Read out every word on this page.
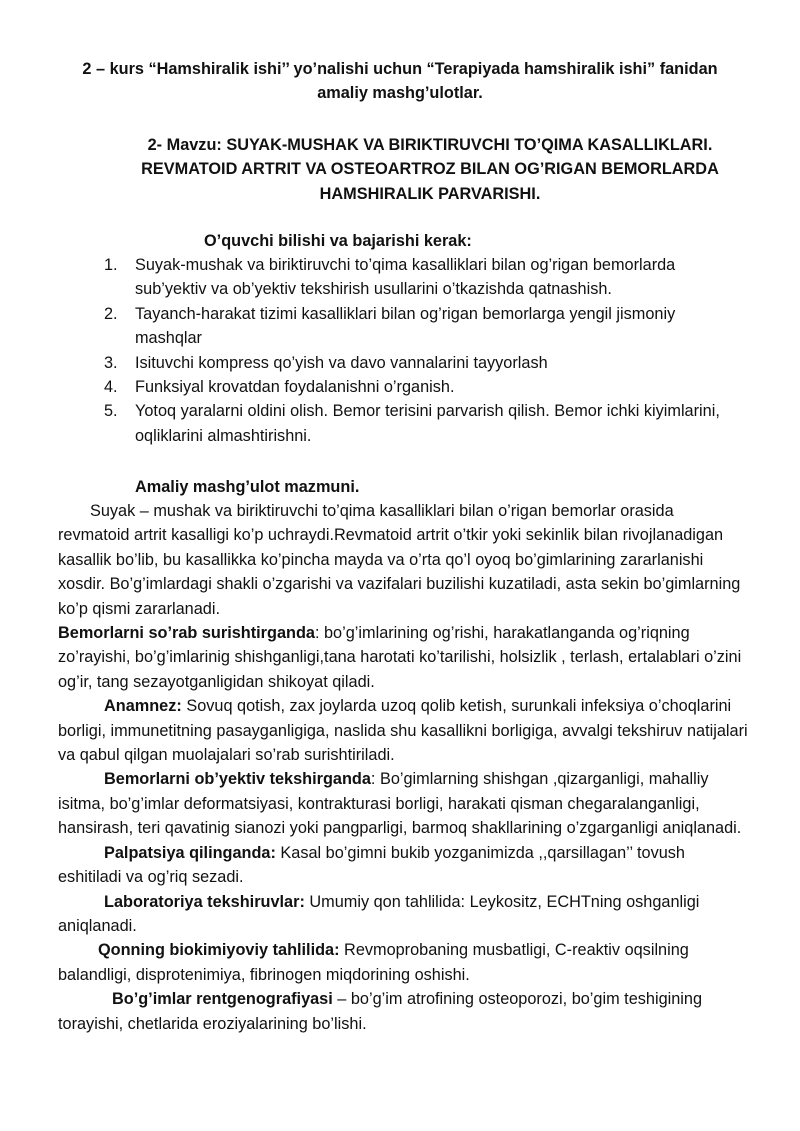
2 – kurs “Hamshiralik ishi’’ yo’nalishi uchun “Terapiyada hamshiralik ishi” fanidan amaliy mashg’ulotlar.
2- Mavzu: SUYAK-MUSHAK VA BIRIKTIRUVCHI TO’QIMA KASALLIKLARI. REVMATOID ARTRIT VA OSTEOARTROZ BILAN OG’RIGAN BEMORLARDA HAMSHIRALIK PARVARISHI.
O’quvchi bilishi va bajarishi kerak:
1. Suyak-mushak va biriktiruvchi to’qima kasalliklari bilan og’rigan bemorlarda sub’yektiv va ob’yektiv tekshirish usullarini o’tkazishda qatnashish.
2. Tayanch-harakat tizimi kasalliklari bilan og’rigan bemorlarga yengil jismoniy mashqlar
3. Isituvchi kompress qo’yish va davo vannalarini tayyorlash
4. Funksiyal krovatdan foydalanishni o’rganish.
5. Yotoq yaralarni oldini olish. Bemor terisini parvarish qilish. Bemor ichki kiyimlarini, oqliklarini almashtirishni.
Amaliy mashg’ulot mazmuni.

Suyak – mushak va biriktiruvchi to’qima kasalliklari bilan o’rigan bemorlar orasida revmatoid artrit kasalligi ko’p uchraydi.Revmatoid artrit o’tkir yoki sekinlik bilan rivojlanadigan kasallik bo’lib, bu kasallikka ko’pincha mayda va o’rta qo’l oyoq bo’gimlarining zararlanishi xosdir. Bo’g’imlardagi shakli o’zgarishi va vazifalari buzilishi kuzatiladi, asta sekin bo’gimlarning ko’p qismi zararlanadi.

Bemorlarni so’rab surishtirganda: bo’g’imlarining og’rishi, harakatlanganda og’riqning zo’rayishi, bo’g’imlarinig shishganligi,tana harotati ko’tarilishi, holsizlik , terlash, ertalablari o’zini og’ir, tang sezayotganligidan shikoyat qiladi.

Anamnez: Sovuq qotish, zax joylarda uzoq qolib ketish, surunkali infeksiya o’choqlarini borligi, immunetitning pasayganligiga, naslida shu kasallikni borligiga, avvalgi tekshiruv natijalari va qabul qilgan muolajalari so’rab surishtiriladi.

Bemorlarni ob’yektiv tekshirganda: Bo’gimlarning shishgan ,qizarganligi, mahalliy isitma, bo’g’imlar deformatsiyasi, kontrakturasi borligi, harakati qisman chegaralanganligi, hansirash, teri qavatinig sianozi yoki pangparligi, barmoq shakllarining o’zgarganligi aniqlanadi.

Palpatsiya qilinganda: Kasal bo’gimni bukib yozganimizda ,,qarsillagan’’ tovush eshitiladi va og’riq sezadi.

Laboratoriya tekshiruvlar: Umumiy qon tahlilida: Leykositz, ECHTning oshganligi aniqlanadi.

Qonning biokimiyoviy tahlilida: Revmoprobaning musbatligi, C-reaktiv oqsilning balandligi, disprotenimiya, fibrinogen miqdorining oshishi.

Bo’g’imlar rentgenografiyasi – bo’g’im atrofining osteoporozi, bo’gim teshigining torayishi, chetlarida eroziyalarining bo’lishi.
